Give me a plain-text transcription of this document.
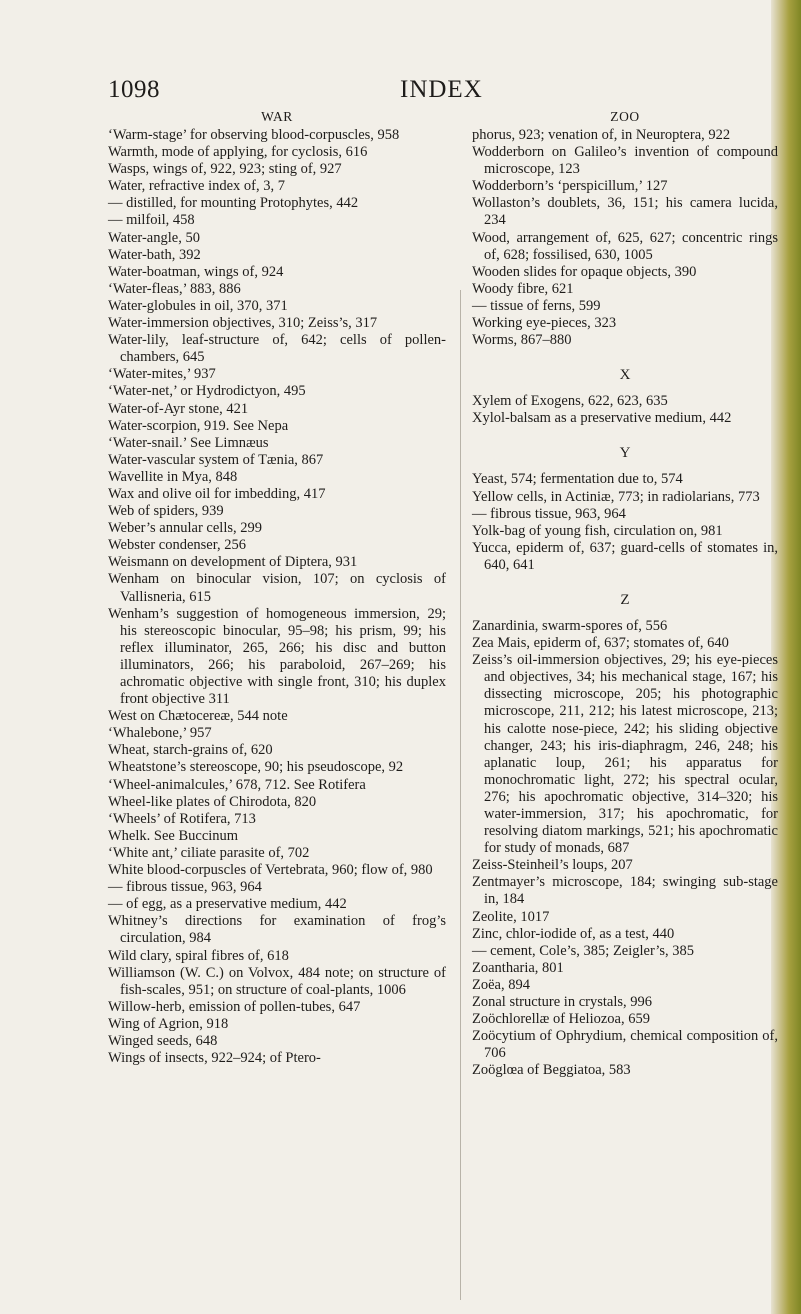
1098	INDEX
WAR
‘Warm-stage’ for observing blood-corpuscles, 958
Warmth, mode of applying, for cyclosis, 616
Wasps, wings of, 922, 923; sting of, 927
Water, refractive index of, 3, 7
— distilled, for mounting Protophytes, 442
— milfoil, 458
Water-angle, 50
Water-bath, 392
Water-boatman, wings of, 924
‘Water-fleas,’ 883, 886
Water-globules in oil, 370, 371
Water-immersion objectives, 310; Zeiss’s, 317
Water-lily, leaf-structure of, 642; cells of pollen-chambers, 645
‘Water-mites,’ 937
‘Water-net,’ or Hydrodictyon, 495
Water-of-Ayr stone, 421
Water-scorpion, 919. See Nepa
‘Water-snail.’ See Limnæus
Water-vascular system of Tænia, 867
Wavellite in Mya, 848
Wax and olive oil for imbedding, 417
Web of spiders, 939
Weber’s annular cells, 299
Webster condenser, 256
Weismann on development of Diptera, 931
Wenham on binocular vision, 107; on cyclosis of Vallisneria, 615
Wenham’s suggestion of homogeneous immersion, 29; his stereoscopic binocular, 95–98; his prism, 99; his reflex illuminator, 265, 266; his disc and button illuminators, 266; his paraboloid, 267–269; his achromatic objective with single front, 310; his duplex front objective 311
West on Chætocereæ, 544 note
‘Whalebone,’ 957
Wheat, starch-grains of, 620
Wheatstone’s stereoscope, 90; his pseudoscope, 92
‘Wheel-animalcules,’ 678, 712. See Rotifera
Wheel-like plates of Chirodota, 820
‘Wheels’ of Rotifera, 713
Whelk. See Buccinum
‘White ant,’ ciliate parasite of, 702
White blood-corpuscles of Vertebrata, 960; flow of, 980
— fibrous tissue, 963, 964
— of egg, as a preservative medium, 442
Whitney’s directions for examination of frog’s circulation, 984
Wild clary, spiral fibres of, 618
Williamson (W. C.) on Volvox, 484 note; on structure of fish-scales, 951; on structure of coal-plants, 1006
Willow-herb, emission of pollen-tubes, 647
Wing of Agrion, 918
Winged seeds, 648
Wings of insects, 922–924; of Ptero-
ZOO
phorus, 923; venation of, in Neuroptera, 922
Wodderborn on Galileo’s invention of compound microscope, 123
Wodderborn’s ‘perspicillum,’ 127
Wollaston’s doublets, 36, 151; his camera lucida, 234
Wood, arrangement of, 625, 627; concentric rings of, 628; fossilised, 630, 1005
Wooden slides for opaque objects, 390
Woody fibre, 621
— tissue of ferns, 599
Working eye-pieces, 323
Worms, 867–880
X
Xylem of Exogens, 622, 623, 635
Xylol-balsam as a preservative medium, 442
Y
Yeast, 574; fermentation due to, 574
Yellow cells, in Actiniæ, 773; in radiolarians, 773
— fibrous tissue, 963, 964
Yolk-bag of young fish, circulation on, 981
Yucca, epiderm of, 637; guard-cells of stomates in, 640, 641
Z
Zanardinia, swarm-spores of, 556
Zea Mais, epiderm of, 637; stomates of, 640
Zeiss’s oil-immersion objectives, 29; his eye-pieces and objectives, 34; his mechanical stage, 167; his dissecting microscope, 205; his photographic microscope, 211, 212; his latest microscope, 213; his calotte nose-piece, 242; his sliding objective changer, 243; his iris-diaphragm, 246, 248; his aplanatic loup, 261; his apparatus for monochromatic light, 272; his spectral ocular, 276; his apochromatic objective, 314–320; his water-immersion, 317; his apochromatic, for resolving diatom markings, 521; his apochromatic for study of monads, 687
Zeiss-Steinheil’s loups, 207
Zentmayer’s microscope, 184; swinging sub-stage in, 184
Zeolite, 1017
Zinc, chlor-iodide of, as a test, 440
— cement, Cole’s, 385; Zeigler’s, 385
Zoantharia, 801
Zoëa, 894
Zonal structure in crystals, 996
Zoöchlorellæ of Heliozoa, 659
Zoöcytium of Ophrydium, chemical composition of, 706
Zoöglœa of Beggiatoa, 583
